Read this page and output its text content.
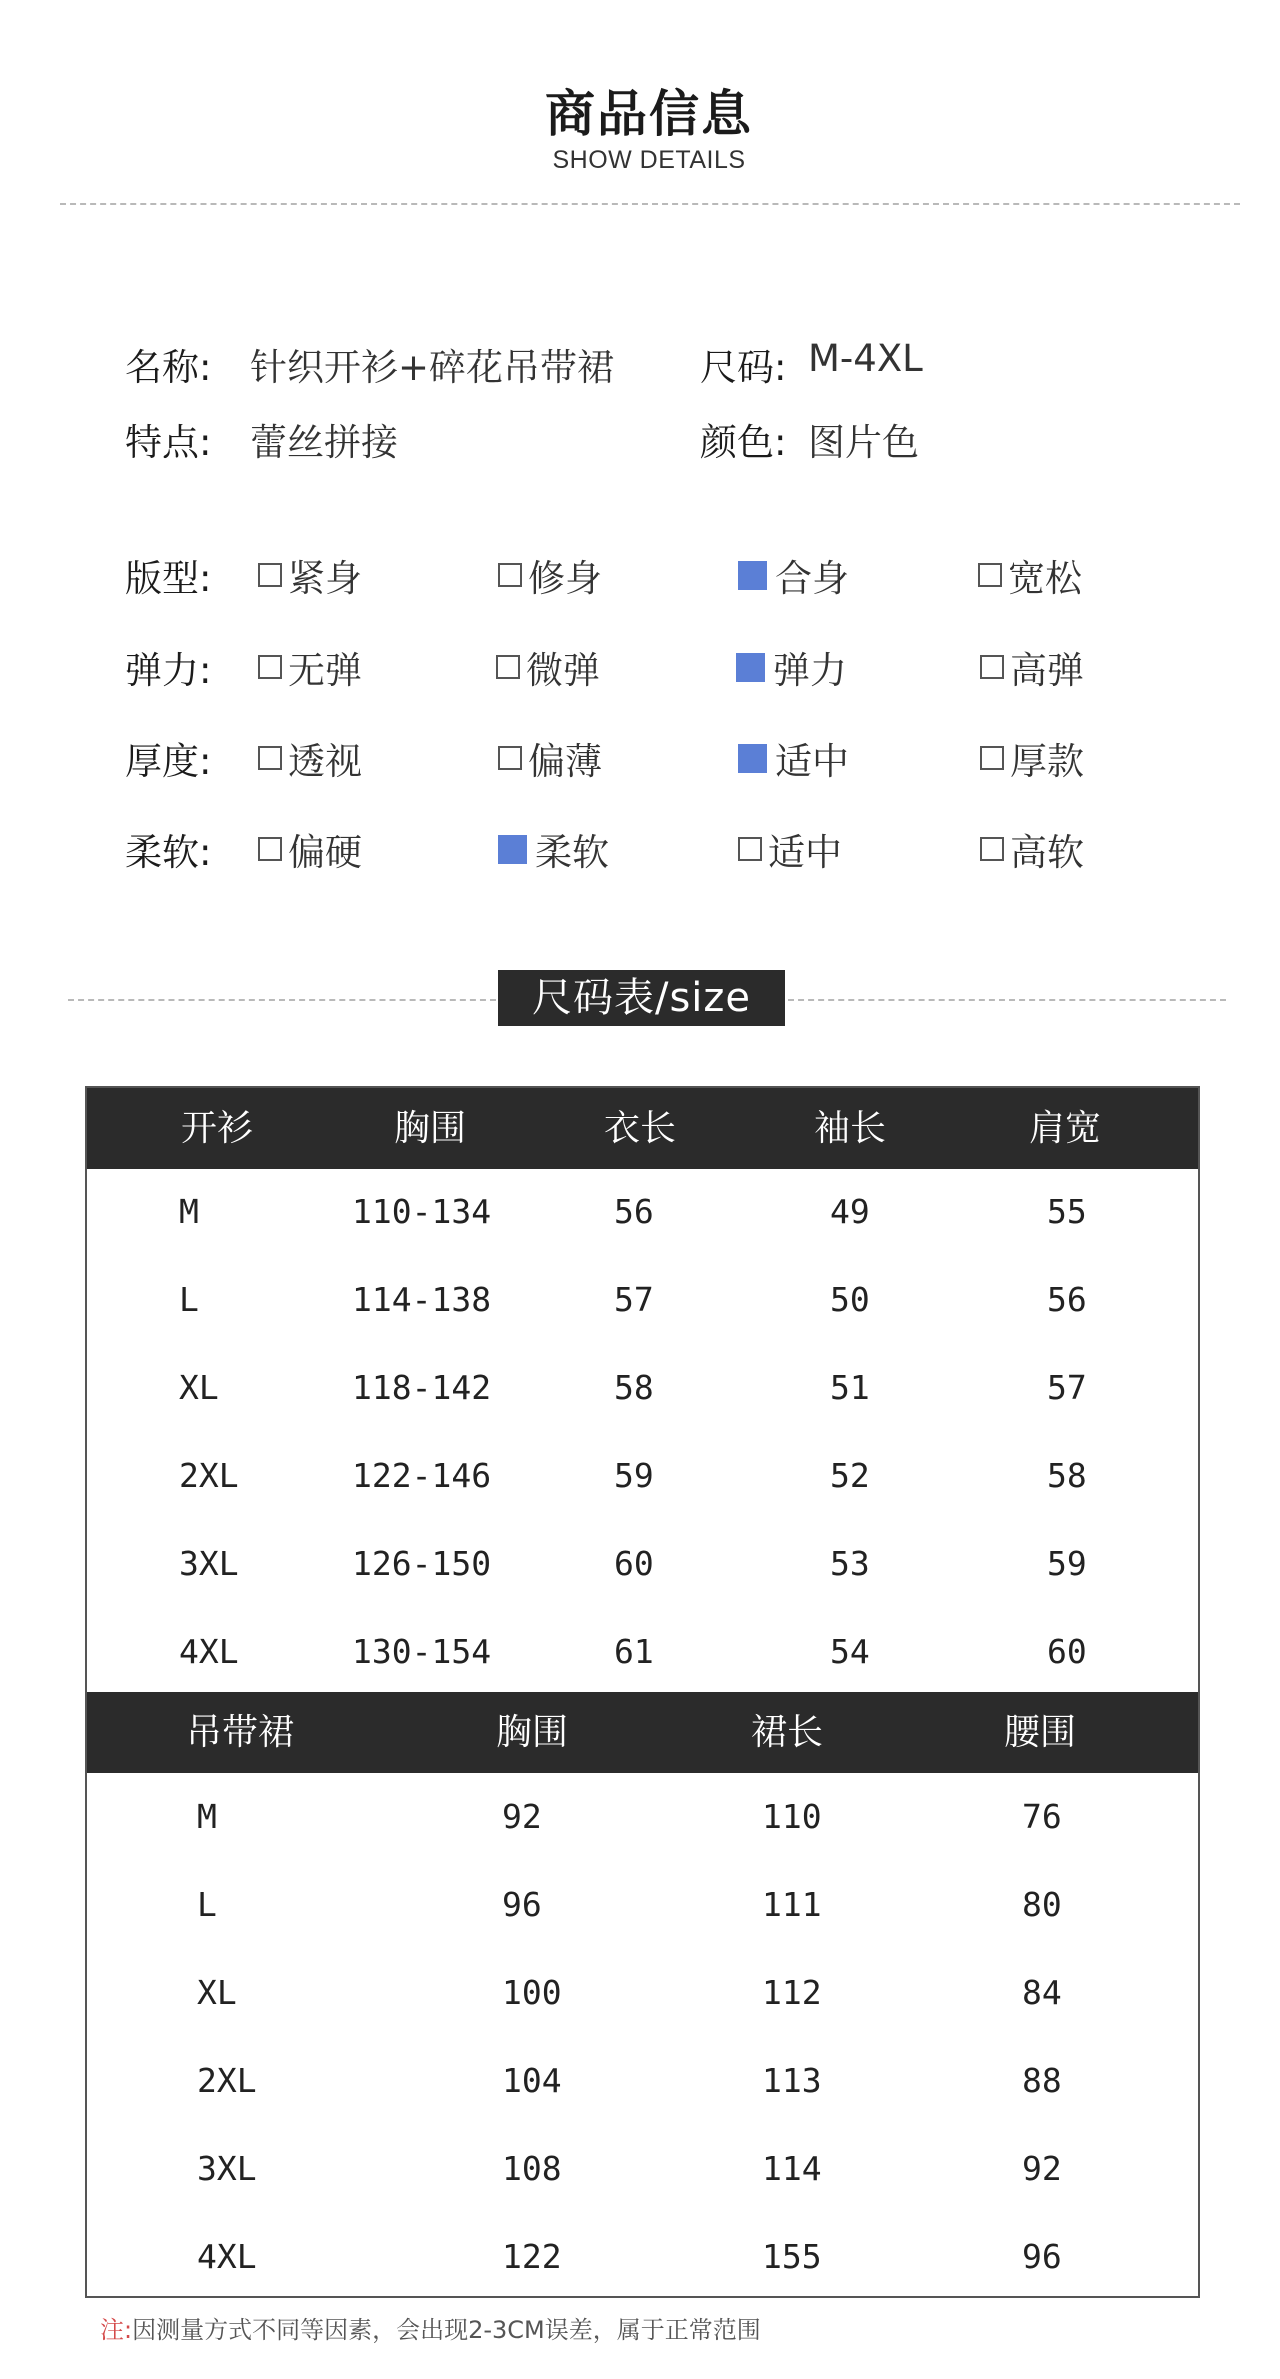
商品信息
SHOW DETAILS
名称: 针织开衫+碎花吊带裙 尺码: M-4XL
特点: 蕾丝拼接	颜色: 图片色
版型: 紧身	修身	合身	宽松
弹力: 无弹	微弹	弹力	高弹
厚度: 透视	偏薄	适中	厚款
柔软: 偏硬	柔软	适中	高软
尺码表/size
开衫	胸围	衣长	袖长	肩宽
M	110-134	56	49	55
L	114-138	57	50	56
XL	118-142	58	51	57
2XL	122-146	59	52	58
3XL	126-150	60	53	59
4XL	130-154	61	54	60
吊带裙	胸围	裙长	腰围
M	92	110	76
L	96	111	80
XL	100	112	84
2XL	104	113	88
3XL	108	114	92
4XL	122	155	96
注:因测量方式不同等因素，会出现2-3CM误差，属于正常范围
